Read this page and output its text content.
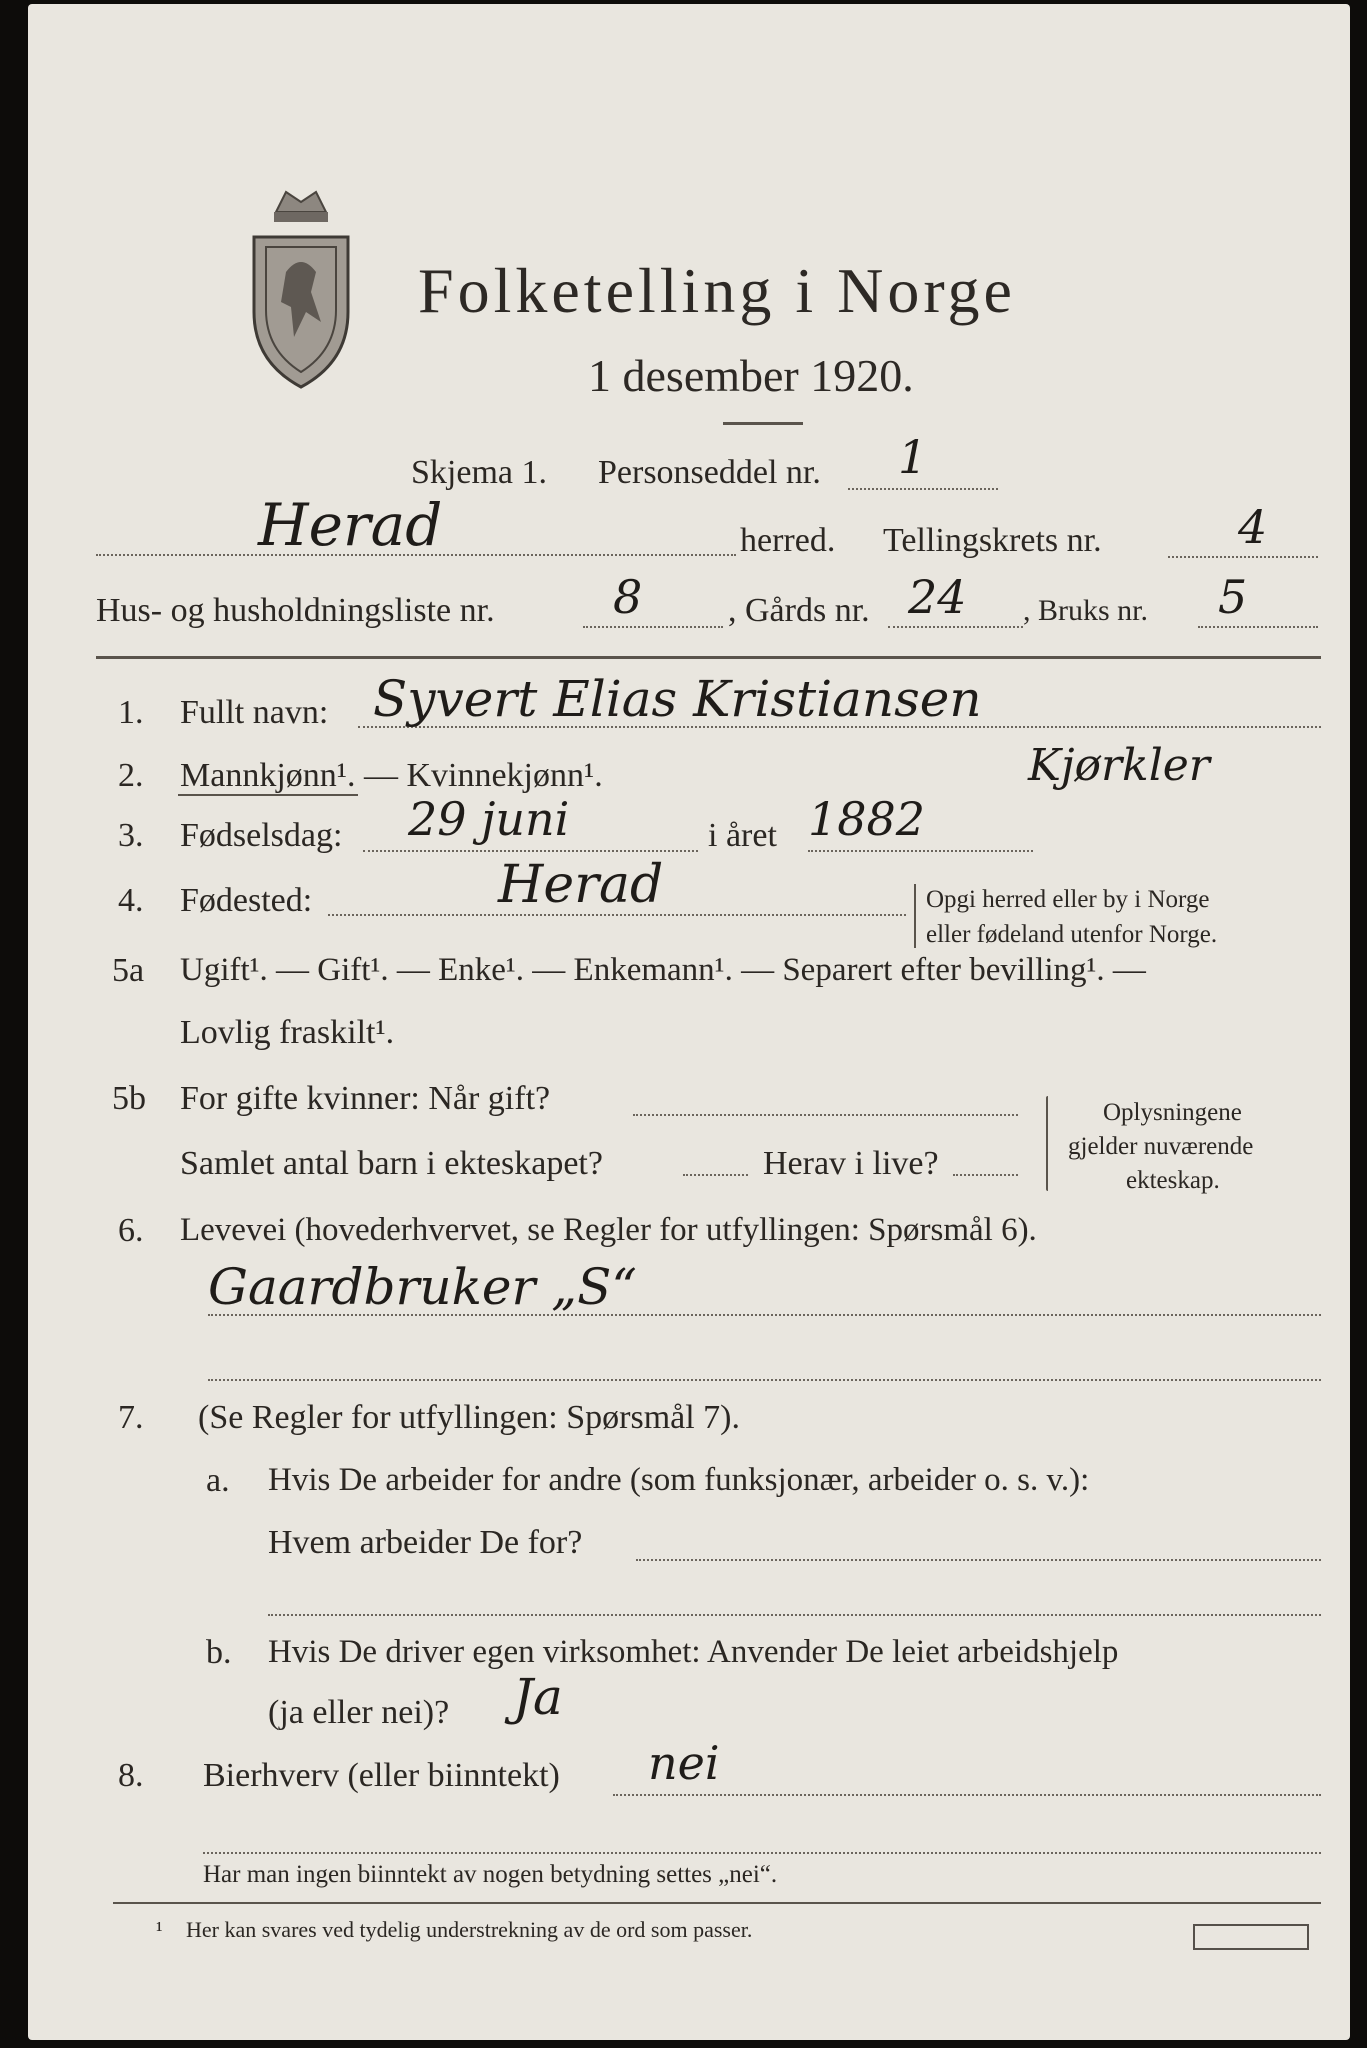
Folketelling i Norge
1 desember 1920.
Skjema 1. Personseddel nr. 1
Herad	herred. Tellingskrets nr.	4
Hus- og husholdningsliste nr.	8	, Gårds nr. 24 , Bruks nr. 5
1. Fullt navn: Syvert Elias Kristiansen
2. Mannkjønn¹. — Kvinnekjønn¹.	Kjørkler
3. Fødselsdag: 29 juni	i året 1882
4. Fødested:	Herad	Opgi herred eller by i Norge
eller fødeland utenfor Norge.
5a Ugift¹. — Gift¹. — Enke¹. — Enkemann¹. — Separert efter bevilling¹. —
Lovlig fraskilt¹.
5b For gifte kvinner: Når gift?
Samlet antal barn i ekteskapet?	Herav i live?
Oplysningene
gjelder nuværende
ekteskap.
6. Levevei (hovederhvervet, se Regler for utfyllingen: Spørsmål 6).
Gaardbruker „S“
7. (Se Regler for utfyllingen: Spørsmål 7).
a. Hvis De arbeider for andre (som funksjonær, arbeider o. s. v.):
Hvem arbeider De for?
b. Hvis De driver egen virksomhet: Anvender De leiet arbeidshjelp
(ja eller nei)? Ja
8. Bierhverv (eller biinntekt) nei
Har man ingen biinntekt av nogen betydning settes „nei“.
¹ Her kan svares ved tydelig understrekning av de ord som passer.
